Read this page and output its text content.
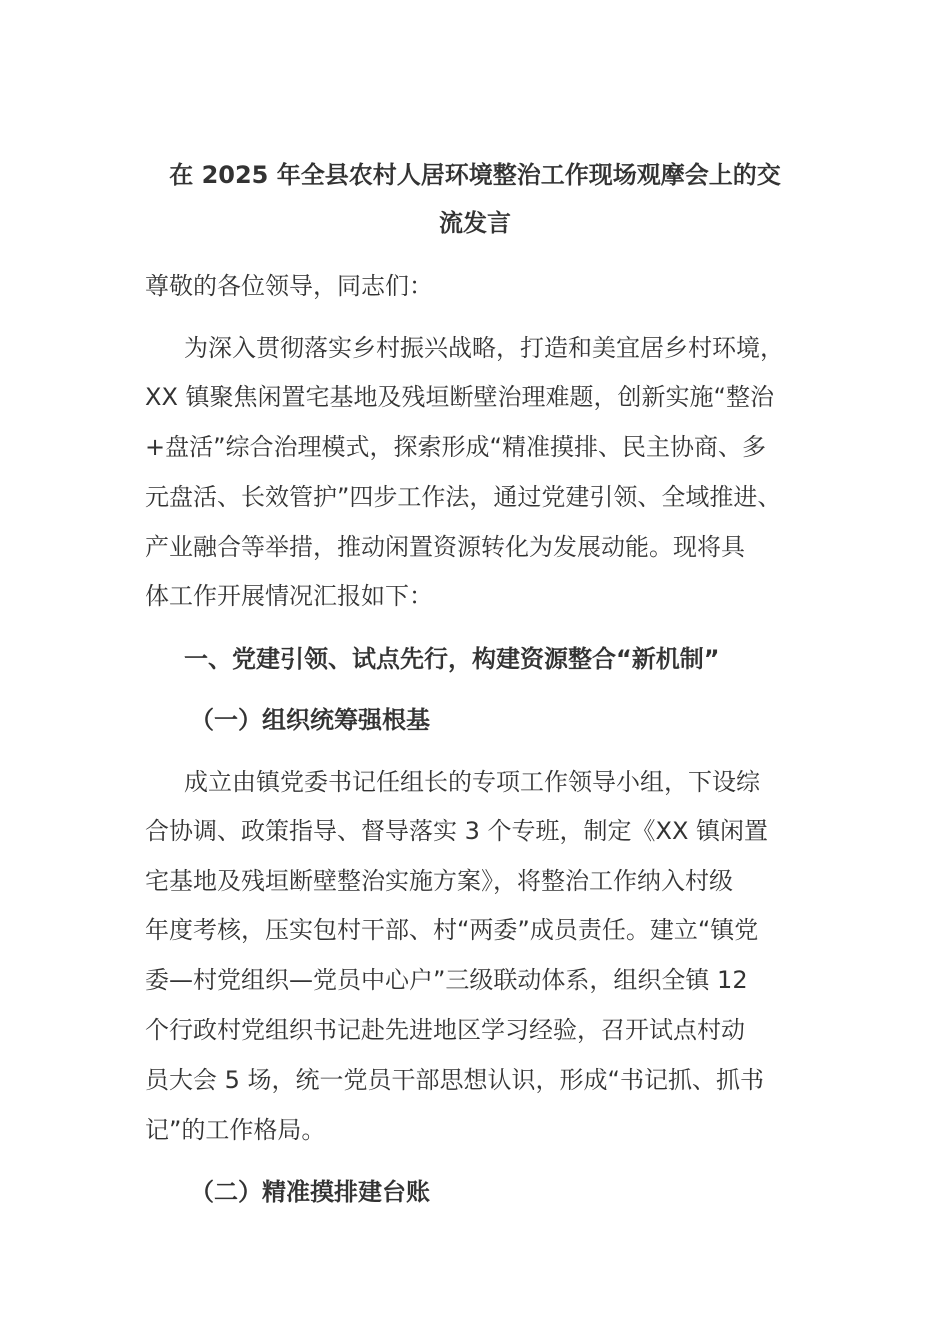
在 2025 年全县农村人居环境整治工作现场观摩会上的交
流发言
尊敬的各位领导，同志们：
为深入贯彻落实乡村振兴战略，打造和美宜居乡村环境，
XX 镇聚焦闲置宅基地及残垣断壁治理难题，创新实施“整治
+盘活”综合治理模式，探索形成“精准摸排、民主协商、多
元盘活、长效管护”四步工作法，通过党建引领、全域推进、
产业融合等举措，推动闲置资源转化为发展动能。现将具
体工作开展情况汇报如下：
一、党建引领、试点先行，构建资源整合“新机制”
（一）组织统筹强根基
成立由镇党委书记任组长的专项工作领导小组，下设综
合协调、政策指导、督导落实 3 个专班，制定《XX 镇闲置
宅基地及残垣断壁整治实施方案》，将整治工作纳入村级
年度考核，压实包村干部、村“两委”成员责任。建立“镇党
委—村党组织—党员中心户”三级联动体系，组织全镇 12
个行政村党组织书记赴先进地区学习经验，召开试点村动
员大会 5 场，统一党员干部思想认识，形成“书记抓、抓书
记”的工作格局。
（二）精准摸排建台账
